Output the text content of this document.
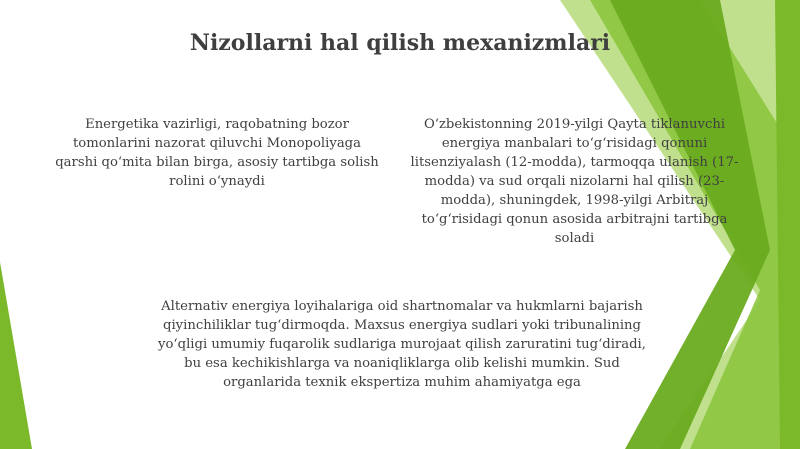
Nizollarni hal qilish mexanizmlari

Energetika vazirligi, raqobatning bozor tomonlarini nazorat qiluvchi Monopoliyaga qarshi qo‘mita bilan birga, asosiy tartibga solish rolini o‘ynaydi

O‘zbekistonning 2019-yilgi Qayta tiklanuvchi energiya manbalari to‘g‘risidagi qonuni litsenziyalash (12-modda), tarmoqqa ulanish (17-modda) va sud orqali nizolarni hal qilish (23-modda), shuningdek, 1998-yilgi Arbitraj to‘g‘risidagi qonun asosida arbitrajni tartibga soladi

Alternativ energiya loyihalariga oid shartnomalar va hukmlarni bajarish qiyinchiliklar tug‘dirmoqda. Maxsus energiya sudlari yoki tribunalining yo‘qligi umumiy fuqarolik sudlariga murojaat qilish zaruratini tug‘diradi, bu esa kechikishlarga va noaniqliklarga olib kelishi mumkin. Sud organlarida texnik ekspertiza muhim ahamiyatga ega
